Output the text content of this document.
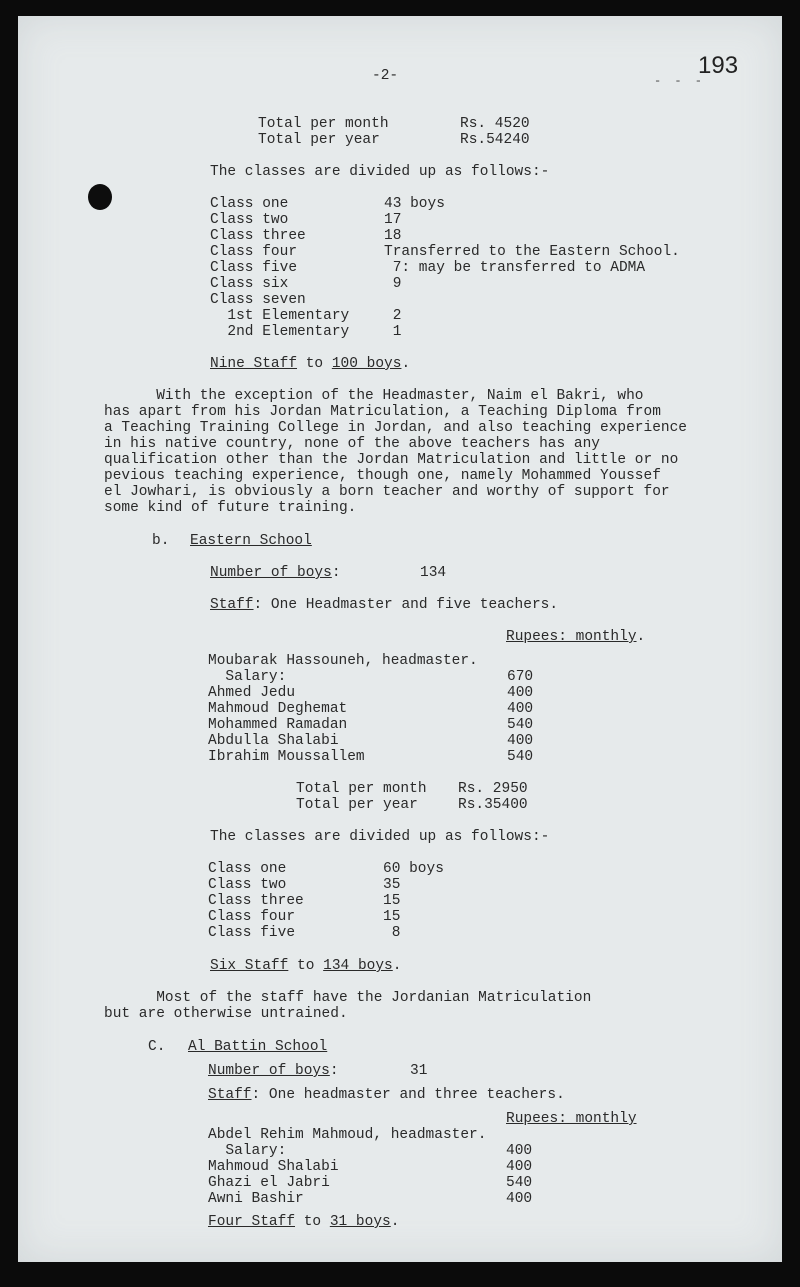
-2-	193
- - -
Total per month	Rs. 4520
Total per year	Rs.54240
The classes are divided up as follows:-
Class one	43 boys
Class two	17
Class three	18
Class four	Transferred to the Eastern School.
Class five	7: may be transferred to ADMA
Class six	9
Class seven
1st Elementary 2
2nd Elementary 1
Nine Staff to 100 boys.
With the exception of the Headmaster, Naim el Bakri, who
has apart from his Jordan Matriculation, a Teaching Diploma from
a Teaching Training College in Jordan, and also teaching experience
in his native country, none of the above teachers has any
qualification other than the Jordan Matriculation and little or no
pevious teaching experience, though one, namely Mohammed Youssef
el Jowhari, is obviously a born teacher and worthy of support for
some kind of future training.
b. Eastern School
Number of boys:	134
Staff: One Headmaster and five teachers.
Rupees: monthly.
Moubarak Hassouneh, headmaster.
Salary:	670
Ahmed Jedu	400
Mahmoud Deghemat	400
Mohammed Ramadan	540
Abdulla Shalabi	400
Ibrahim Moussallem	540
Total per month Rs. 2950
Total per year	Rs.35400
The classes are divided up as follows:-
Class one	60 boys
Class two	35
Class three	15
Class four	15
Class five	8
Six Staff to 134 boys.
Most of the staff have the Jordanian Matriculation
but are otherwise untrained.
C. Al Battin School
Number of boys:	31
Staff: One headmaster and three teachers.
Rupees: monthly
Abdel Rehim Mahmoud, headmaster.
Salary:	400
Mahmoud Shalabi	400
Ghazi el Jabri	540
Awni Bashir	400
Four Staff to 31 boys.
